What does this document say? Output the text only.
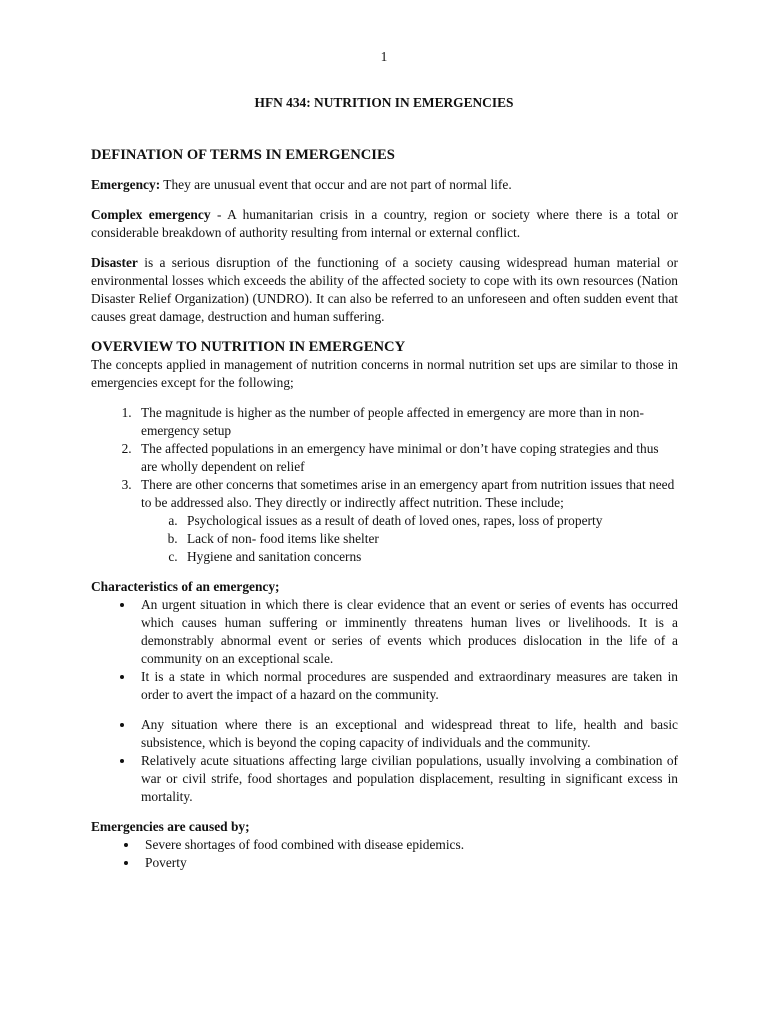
1
HFN 434: NUTRITION IN EMERGENCIES
DEFINATION OF TERMS IN EMERGENCIES

Emergency: They are unusual event that occur and are not part of normal life.

Complex emergency - A humanitarian crisis in a country, region or society where there is a total or considerable breakdown of authority resulting from internal or external conflict.

Disaster is a serious disruption of the functioning of a society causing widespread human material or environmental losses which exceeds the ability of the affected society to cope with its own resources (Nation Disaster Relief Organization) (UNDRO). It can also be referred to an unforeseen and often sudden event that causes great damage, destruction and human suffering.

OVERVIEW TO NUTRITION IN EMERGENCY

The concepts applied in management of nutrition concerns in normal nutrition set ups are similar to those in emergencies except for the following;

1. The magnitude is higher as the number of people affected in emergency are more than in non-emergency setup
2. The affected populations in an emergency have minimal or don’t have coping strategies and thus are wholly dependent on relief
3. There are other concerns that sometimes arise in an emergency apart from nutrition issues that need to be addressed also. They directly or indirectly affect nutrition. These include;
a. Psychological issues as a result of death of loved ones, rapes, loss of property
b. Lack of non- food items like shelter
c. Hygiene and sanitation concerns
Characteristics of an emergency;
• An urgent situation in which there is clear evidence that an event or series of events has occurred which causes human suffering or imminently threatens human lives or livelihoods. It is a demonstrably abnormal event or series of events which produces dislocation in the life of a community on an exceptional scale.
• It is a state in which normal procedures are suspended and extraordinary measures are taken in order to avert the impact of a hazard on the community.
• Any situation where there is an exceptional and widespread threat to life, health and basic subsistence, which is beyond the coping capacity of individuals and the community.
• Relatively acute situations affecting large civilian populations, usually involving a combination of war or civil strife, food shortages and population displacement, resulting in significant excess in mortality.
Emergencies are caused by;
• Severe shortages of food combined with disease epidemics.
• Poverty
